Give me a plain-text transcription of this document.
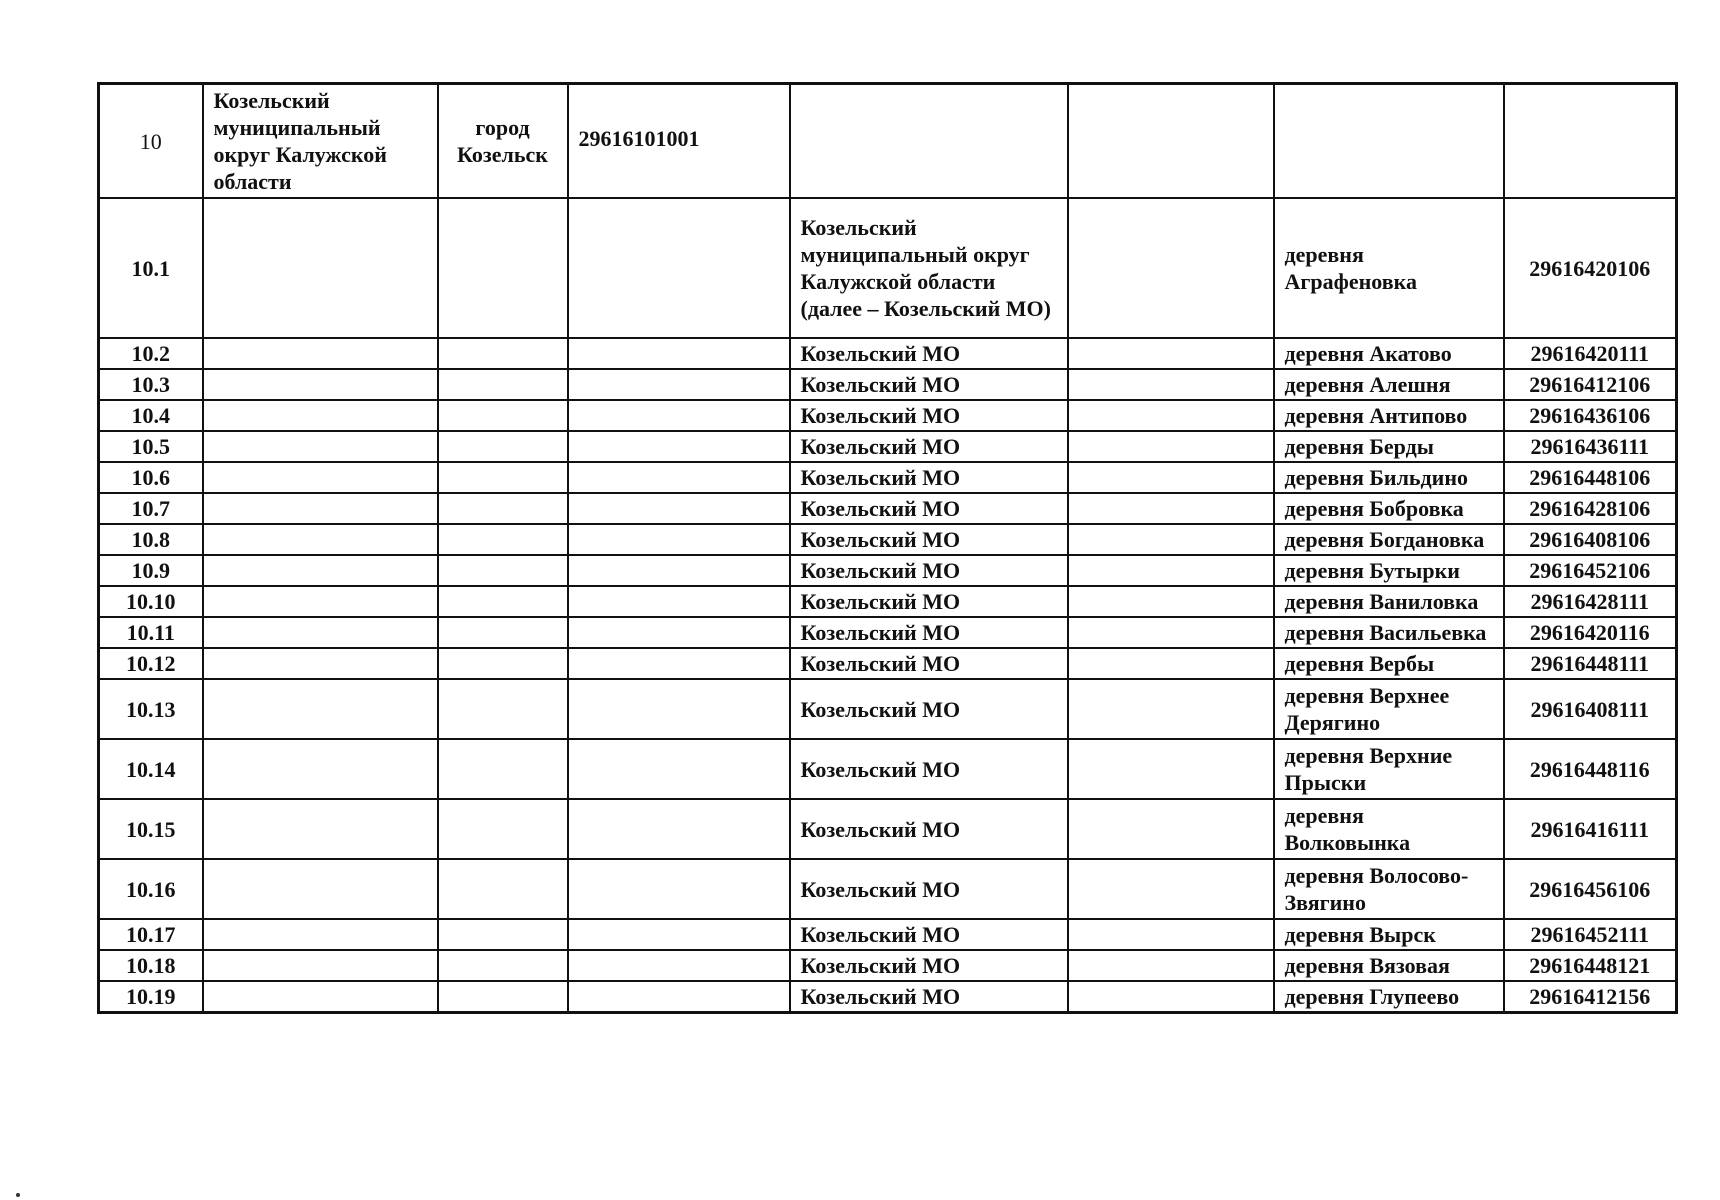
10	Козельский муниципальный округ Калужской области	город Козельск	29616101001				
10.1				Козельский муниципальный округ Калужской области (далее – Козельский МО)		деревня Аграфеновка	29616420106
10.2				Козельский МО		деревня Акатово	29616420111
10.3				Козельский МО		деревня Алешня	29616412106
10.4				Козельский МО		деревня Антипово	29616436106
10.5				Козельский МО		деревня Берды	29616436111
10.6				Козельский МО		деревня Бильдино	29616448106
10.7				Козельский МО		деревня Бобровка	29616428106
10.8				Козельский МО		деревня Богдановка	29616408106
10.9				Козельский МО		деревня Бутырки	29616452106
10.10				Козельский МО		деревня Ваниловка	29616428111
10.11				Козельский МО		деревня Васильевка	29616420116
10.12				Козельский МО		деревня Вербы	29616448111
10.13				Козельский МО		деревня Верхнее Дерягино	29616408111
10.14				Козельский МО		деревня Верхние Прыски	29616448116
10.15				Козельский МО		деревня Волковынка	29616416111
10.16				Козельский МО		деревня Волосово-Звягино	29616456106
10.17				Козельский МО		деревня Вырск	29616452111
10.18				Козельский МО		деревня Вязовая	29616448121
10.19				Козельский МО		деревня Глупеево	29616412156
